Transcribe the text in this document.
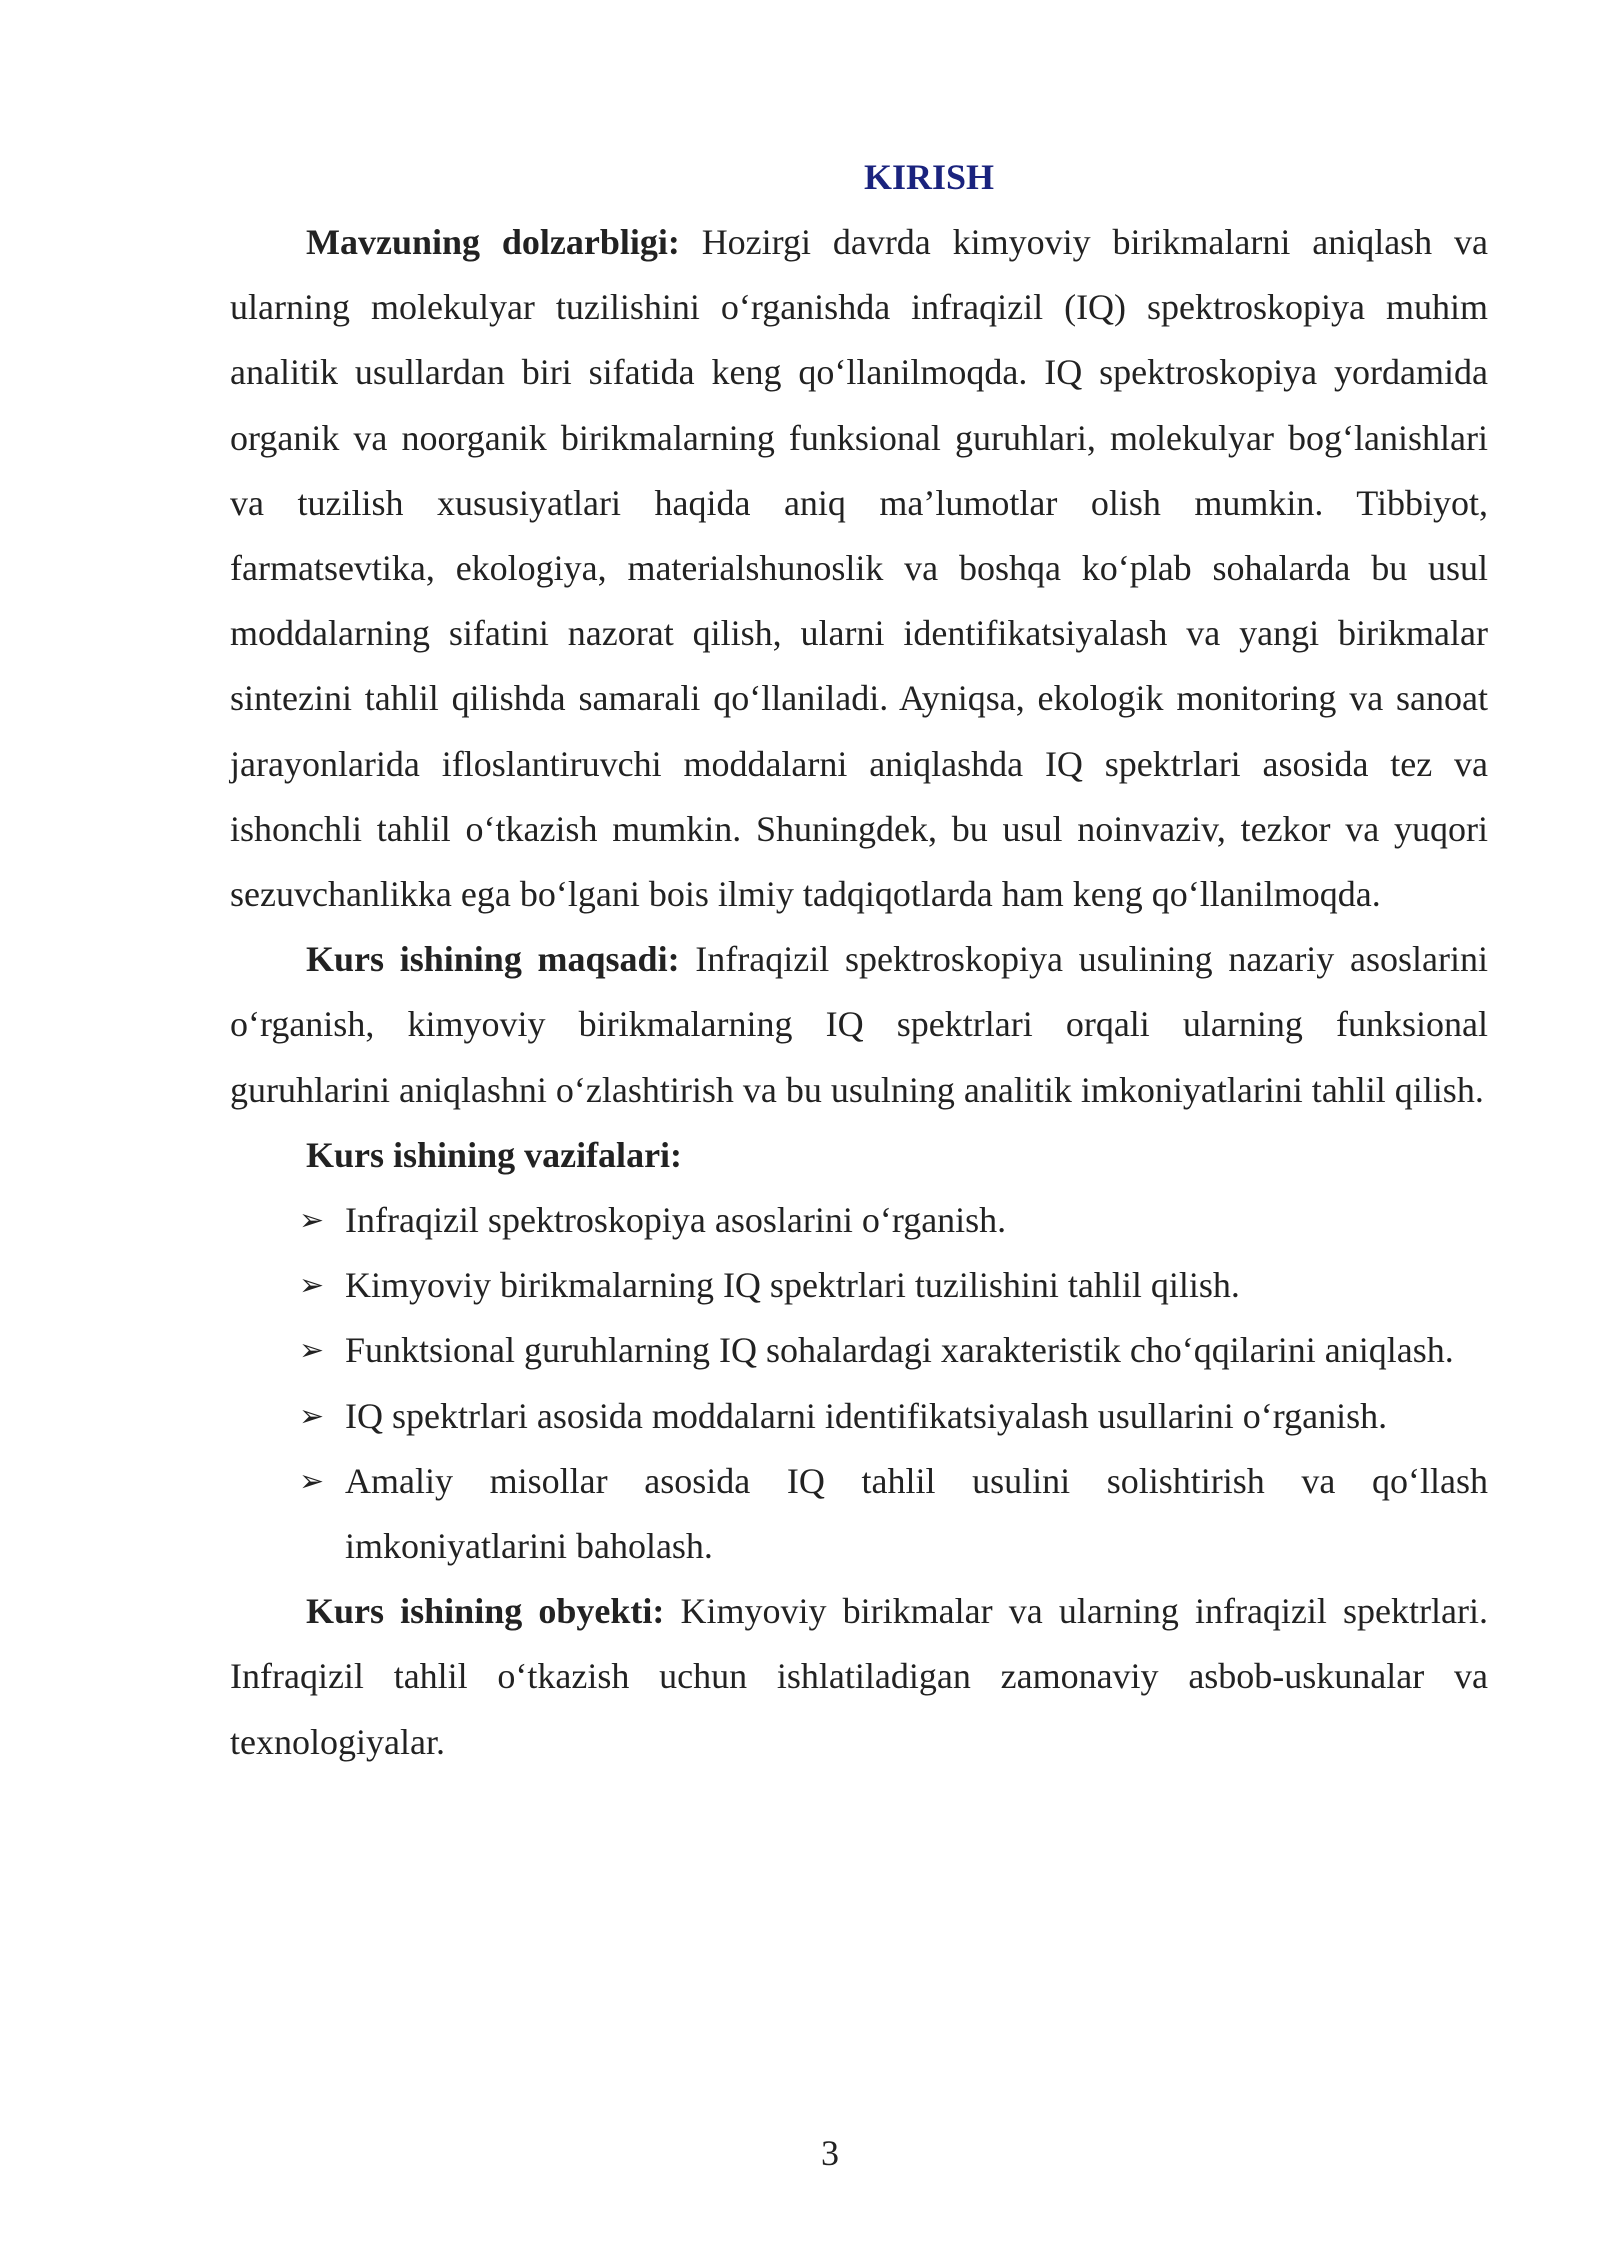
KIRISH

Mavzuning dolzarbligi: Hozirgi davrda kimyoviy birikmalarni aniqlash va ularning molekulyar tuzilishini o‘rganishda infraqizil (IQ) spektroskopiya muhim analitik usullardan biri sifatida keng qo‘llanilmoqda. IQ spektroskopiya yordamida organik va noorganik birikmalarning funksional guruhlari, molekulyar bog‘lanishlari va tuzilish xususiyatlari haqida aniq ma’lumotlar olish mumkin. Tibbiyot, farmatsevtika, ekologiya, materialshunoslik va boshqa ko‘plab sohalarda bu usul moddalarning sifatini nazorat qilish, ularni identifikatsiyalash va yangi birikmalar sintezini tahlil qilishda samarali qo‘llaniladi. Ayniqsa, ekologik monitoring va sanoat jarayonlarida ifloslantiruvchi moddalarni aniqlashda IQ spektrlari asosida tez va ishonchli tahlil o‘tkazish mumkin. Shuningdek, bu usul noinvaziv, tezkor va yuqori sezuvchanlikka ega bo‘lgani bois ilmiy tadqiqotlarda ham keng qo‘llanilmoqda.

Kurs ishining maqsadi: Infraqizil spektroskopiya usulining nazariy asoslarini o‘rganish, kimyoviy birikmalarning IQ spektrlari orqali ularning funksional guruhlarini aniqlashni o‘zlashtirish va bu usulning analitik imkoniyatlarini tahlil qilish.

Kurs ishining vazifalari:
➢ Infraqizil spektroskopiya asoslarini o‘rganish.
➢ Kimyoviy birikmalarning IQ spektrlari tuzilishini tahlil qilish.
➢ Funktsional guruhlarning IQ sohalardagi xarakteristik cho‘qqilarini aniqlash.
➢ IQ spektrlari asosida moddalarni identifikatsiyalash usullarini o‘rganish.
➢ Amaliy misollar asosida IQ tahlil usulini solishtirish va qo‘llash imkoniyatlarini baholash.

Kurs ishining obyekti: Kimyoviy birikmalar va ularning infraqizil spektrlari. Infraqizil tahlil o‘tkazish uchun ishlatiladigan zamonaviy asbob-uskunalar va texnologiyalar.

3
